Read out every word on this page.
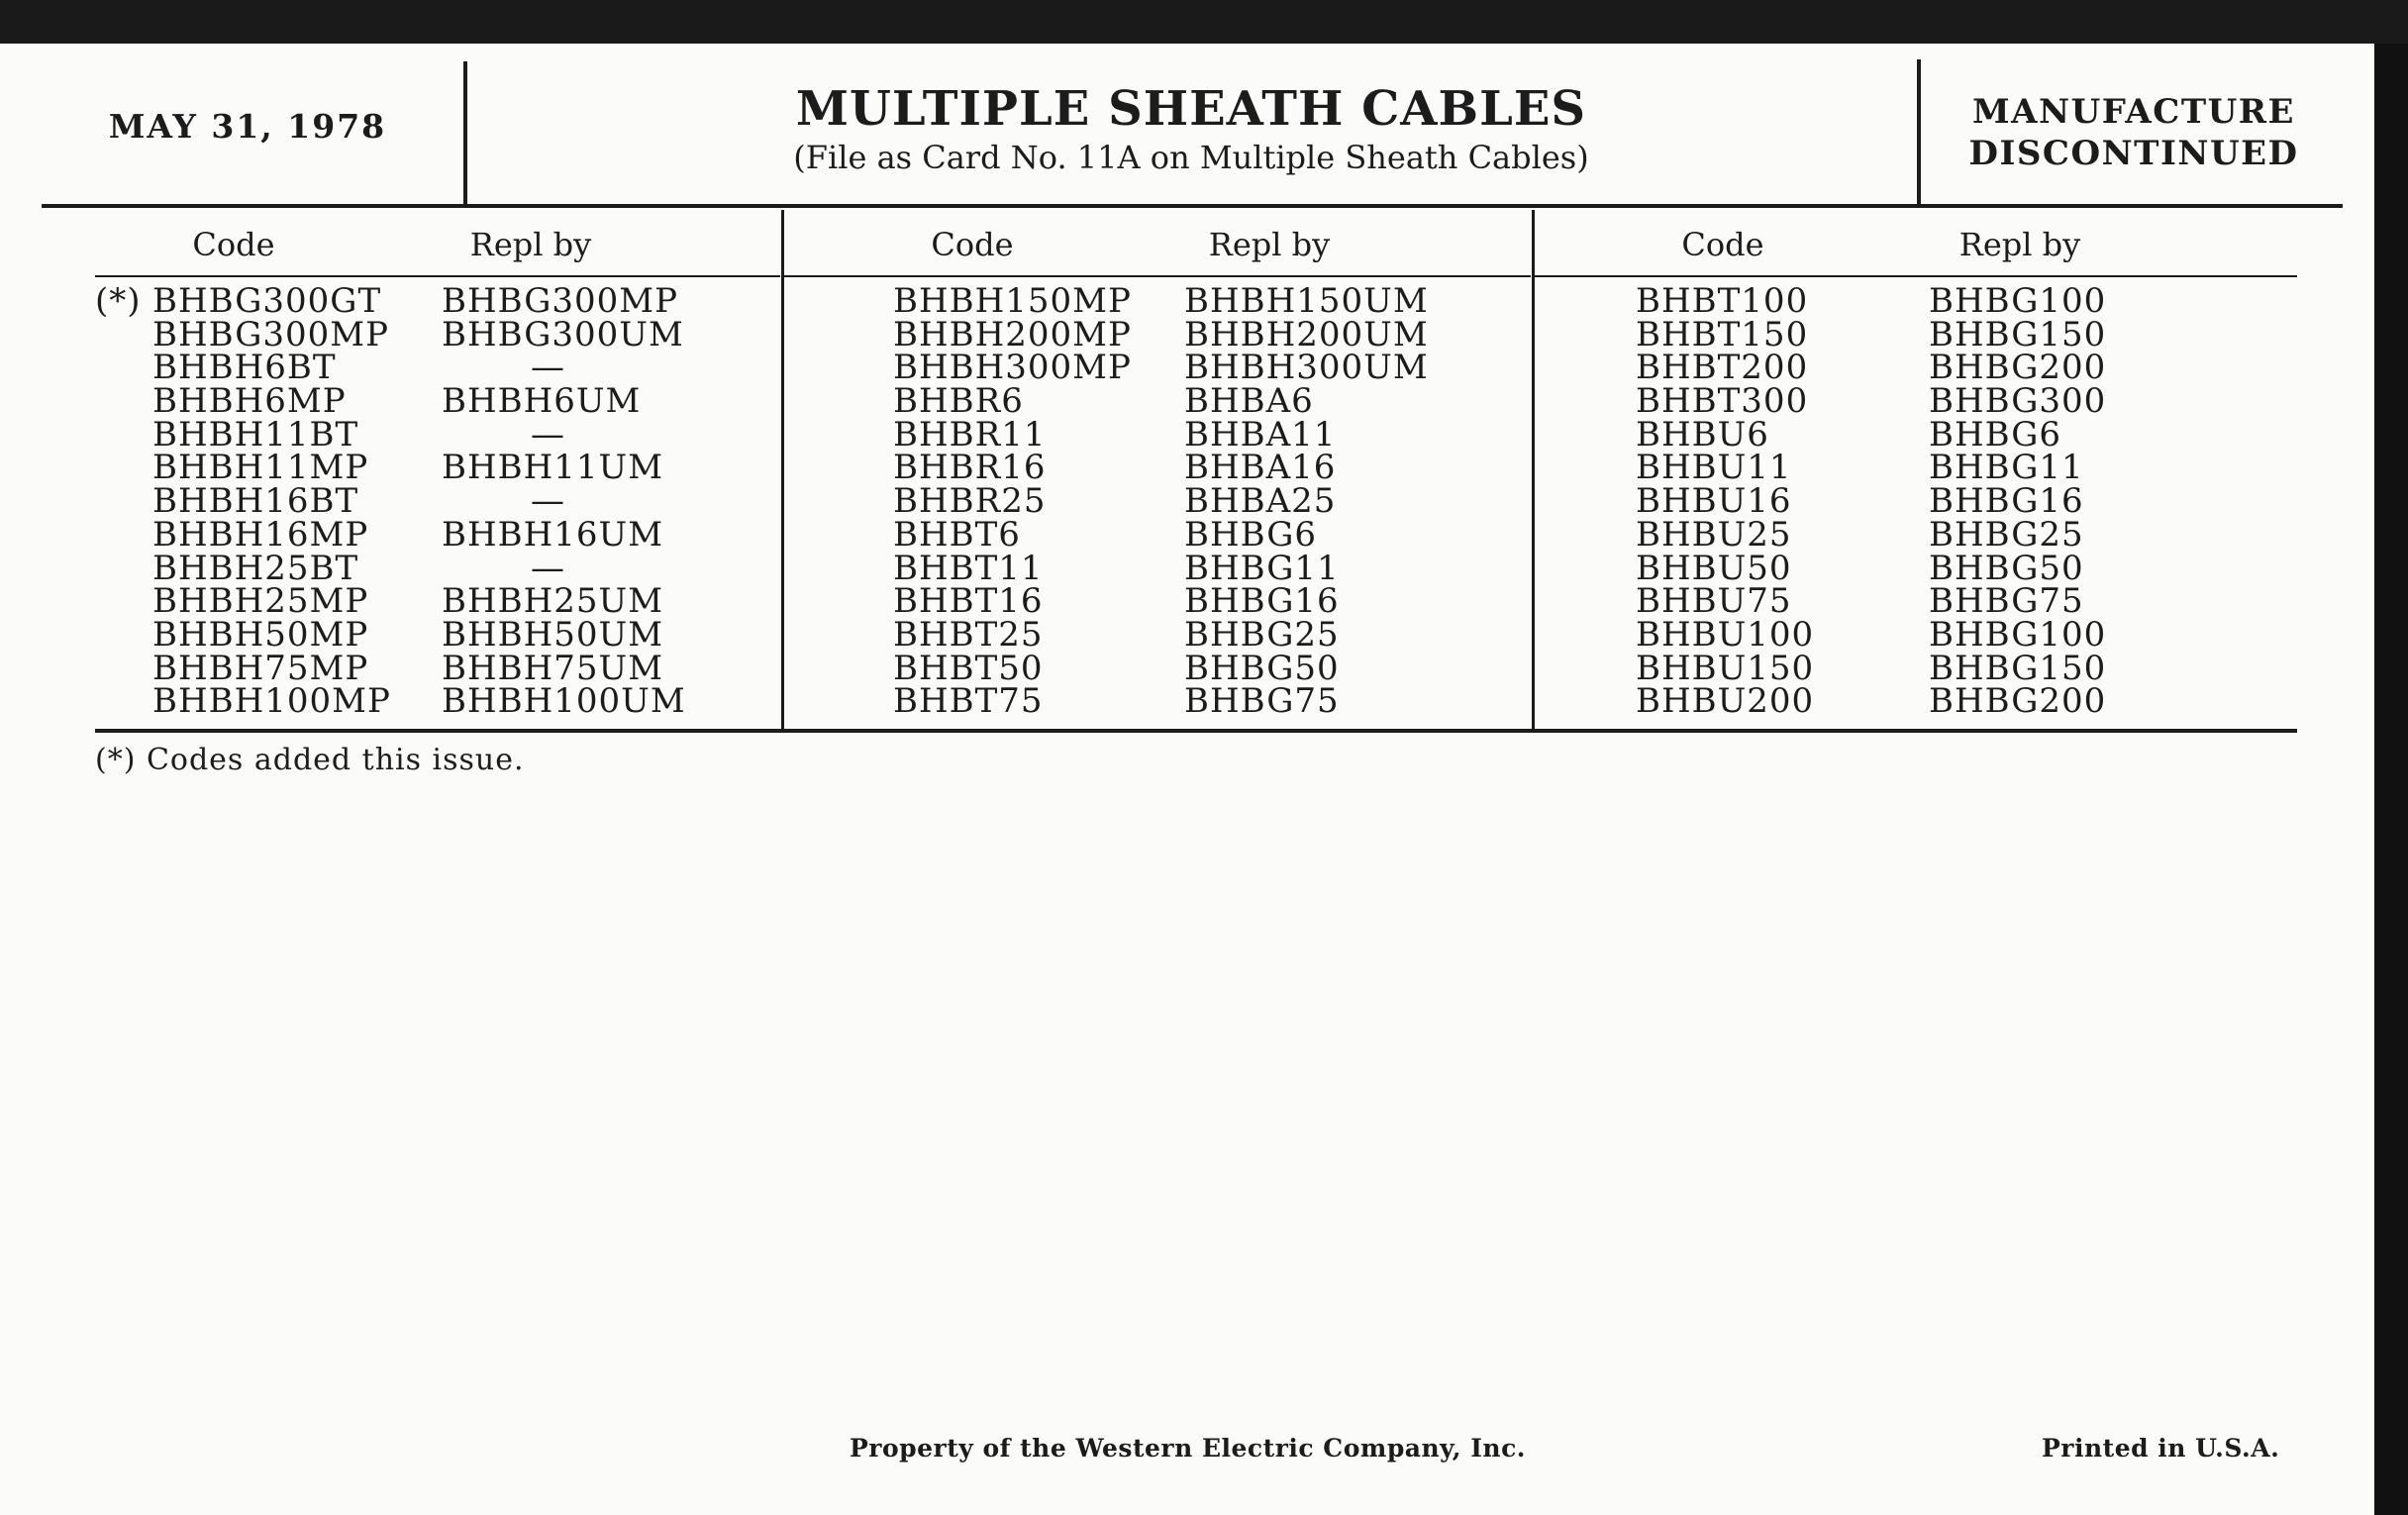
MAY 31, 1978	MULTIPLE SHEATH CABLES
(File as Card No. 11A on Multiple Sheath Cables)
MANUFACTURE
DISCONTINUED
Code	Repl by
(*) BHBG300GT BHBG300MP
BHBG300MP BHBG300UM
BHBH6BT	—
BHBH6MP	BHBH6UM
BHBH11BT	—
BHBH11MP BHBH11UM
BHBH16BT	—
BHBH16MP BHBH16UM
BHBH25BT	—
BHBH25MP BHBH25UM
BHBH50MP BHBH50UM
BHBH75MP BHBH75UM
BHBH100MP BHBH100UM
Code	Repl by
BHBH150MP BHBH150UM
BHBH200MP BHBH200UM
BHBH300MP BHBH300UM
BHBR6	BHBA6
BHBR11	BHBA11
BHBR16	BHBA16
BHBR25	BHBA25
BHBT6	BHBG6
BHBT11	BHBG11
BHBT16	BHBG16
BHBT25	BHBG25
BHBT50	BHBG50
BHBT75	BHBG75
Code	Repl by
BHBT100	BHBG100
BHBT150	BHBG150
BHBT200	BHBG200
BHBT300	BHBG300
BHBU6	BHBG6
BHBU11	BHBG11
BHBU16	BHBG16
BHBU25	BHBG25
BHBU50	BHBG50
BHBU75	BHBG75
BHBU100	BHBG100
BHBU150	BHBG150
BHBU200	BHBG200
(*) Codes added this issue.
Property of the Western Electric Company, Inc.	Printed in U.S.A.
